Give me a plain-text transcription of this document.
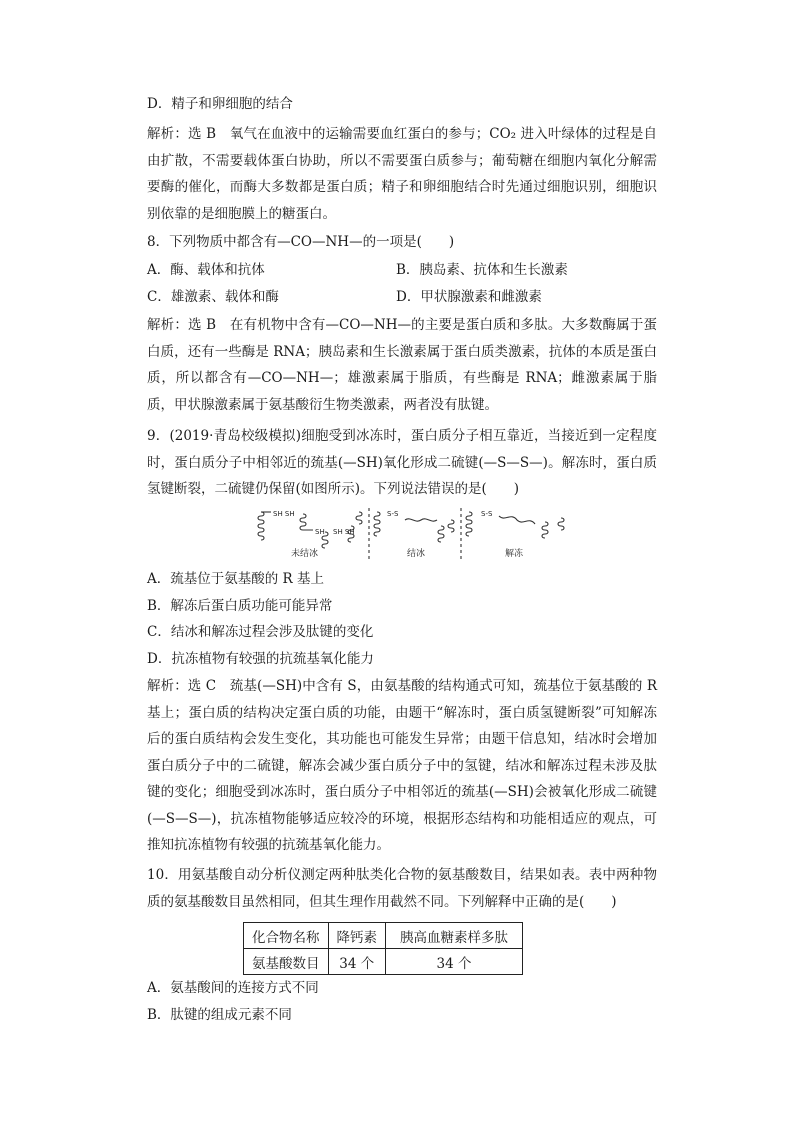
D．精子和卵细胞的结合

解析：选 B　氧气在血液中的运输需要血红蛋白的参与；CO₂ 进入叶绿体的过程是自由扩散，不需要载体蛋白协助，所以不需要蛋白质参与；葡萄糖在细胞内氧化分解需要酶的催化，而酶大多数都是蛋白质；精子和卵细胞结合时先通过细胞识别，细胞识别依靠的是细胞膜上的糖蛋白。

8．下列物质中都含有—CO—NH—的一项是(　　)

A．酶、载体和抗体	B．胰岛素、抗体和生长激素

C．雄激素、载体和酶	D．甲状腺激素和雌激素

解析：选 B　在有机物中含有—CO—NH—的主要是蛋白质和多肽。大多数酶属于蛋白质，还有一些酶是 RNA；胰岛素和生长激素属于蛋白质类激素，抗体的本质是蛋白质，所以都含有—CO—NH—；雄激素属于脂质，有些酶是 RNA；雌激素属于脂质，甲状腺激素属于氨基酸衍生物类激素，两者没有肽键。

9．(2019·青岛校级模拟)细胞受到冰冻时，蛋白质分子相互靠近，当接近到一定程度时，蛋白质分子中相邻近的巯基(—SH)氧化形成二硫键(—S—S—)。解冻时，蛋白质氢键断裂，二硫键仍保留(如图所示)。下列说法错误的是(　　)

SH SH
SH SH SH
S-S	S-S
未结冰	结冰	解冻

A．巯基位于氨基酸的 R 基上

B．解冻后蛋白质功能可能异常

C．结冰和解冻过程会涉及肽键的变化

D．抗冻植物有较强的抗巯基氧化能力

解析：选 C　巯基(—SH)中含有 S，由氨基酸的结构通式可知，巯基位于氨基酸的 R 基上；蛋白质的结构决定蛋白质的功能，由题干“解冻时，蛋白质氢键断裂”可知解冻后的蛋白质结构会发生变化，其功能也可能发生异常；由题干信息知，结冰时会增加蛋白质分子中的二硫键，解冻会减少蛋白质分子中的氢键，结冰和解冻过程未涉及肽键的变化；细胞受到冰冻时，蛋白质分子中相邻近的巯基(—SH)会被氧化形成二硫键(—S—S—)，抗冻植物能够适应较冷的环境，根据形态结构和功能相适应的观点，可推知抗冻植物有较强的抗巯基氧化能力。

10．用氨基酸自动分析仪测定两种肽类化合物的氨基酸数目，结果如表。表中两种物质的氨基酸数目虽然相同，但其生理作用截然不同。下列解释中正确的是(　　)

化合物名称	降钙素	胰高血糖素样多肽
氨基酸数目	34 个	34 个

A．氨基酸间的连接方式不同

B．肽键的组成元素不同
